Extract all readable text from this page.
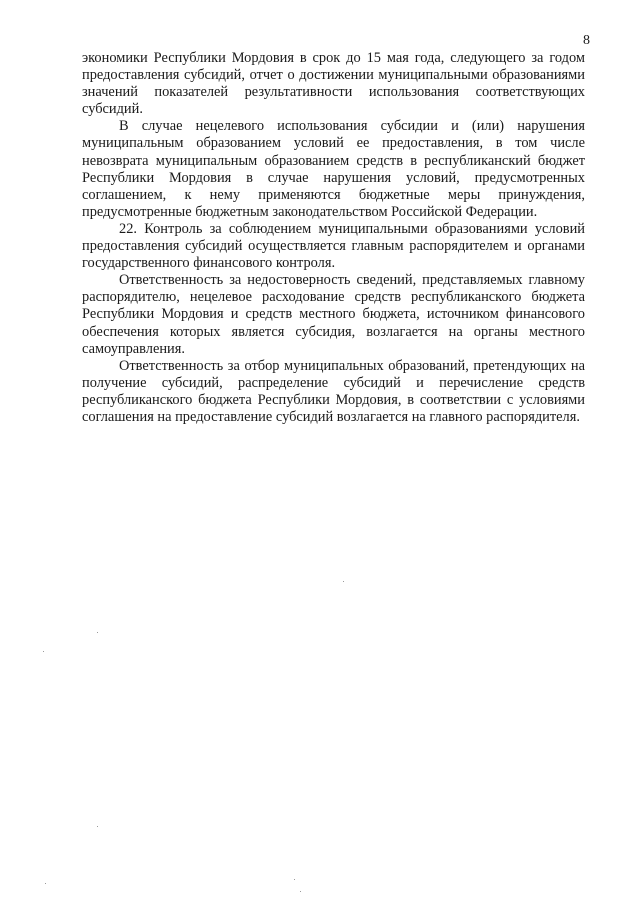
8

экономики Республики Мордовия в срок до 15 мая года, следующего за годом предоставления субсидий, отчет о достижении муниципальными образованиями значений показателей результативности использования соответствующих субсидий.

В случае нецелевого использования субсидии и (или) нарушения муниципальным образованием условий ее предоставления, в том числе невозврата муниципальным образованием средств в республиканский бюджет Республики Мордовия в случае нарушения условий, предусмотренных соглашением, к нему применяются бюджетные меры принуждения, предусмотренные бюджетным законодательством Российской Федерации.

22. Контроль за соблюдением муниципальными образованиями условий предоставления субсидий осуществляется главным распорядителем и органами государственного финансового контроля.

Ответственность за недостоверность сведений, представляемых главному распорядителю, нецелевое расходование средств республиканского бюджета Республики Мордовия и средств местного бюджета, источником финансового обеспечения которых является субсидия, возлагается на органы местного самоуправления.

Ответственность за отбор муниципальных образований, претендующих на получение субсидий, распределение субсидий и перечисление средств республиканского бюджета Республики Мордовия, в соответствии с условиями соглашения на предоставление субсидий возлагается на главного распорядителя.
